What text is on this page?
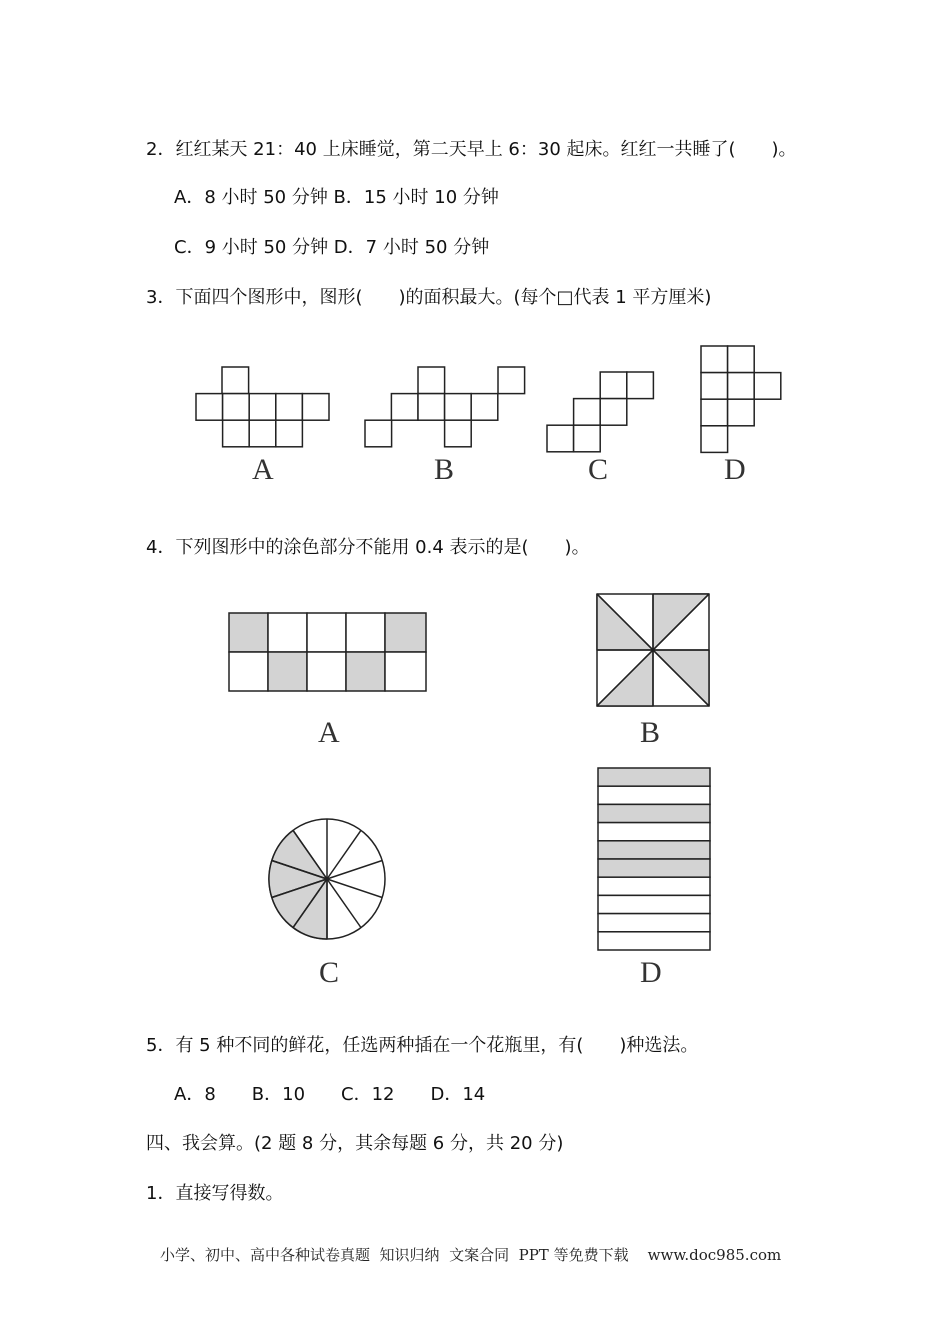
2．红红某天 21：40 上床睡觉，第二天早上 6：30 起床。红红一共睡了(　　)。
A．8 小时 50 分钟 B．15 小时 10 分钟
C．9 小时 50 分钟 D．7 小时 50 分钟
3．下面四个图形中，图形(　　)的面积最大。(每个□代表 1 平方厘米)
A	B	C	D
4．下列图形中的涂色部分不能用 0.4 表示的是(　　)。
A	B
C	D
5．有 5 种不同的鲜花，任选两种插在一个花瓶里，有(　　)种选法。
A．8　　B．10　　C．12　　D．14
四、我会算。(2 题 8 分，其余每题 6 分，共 20 分)
1．直接写得数。
小学、初中、高中各种试卷真题  知识归纳  文案合同  PPT 等免费下载    www.doc985.com
